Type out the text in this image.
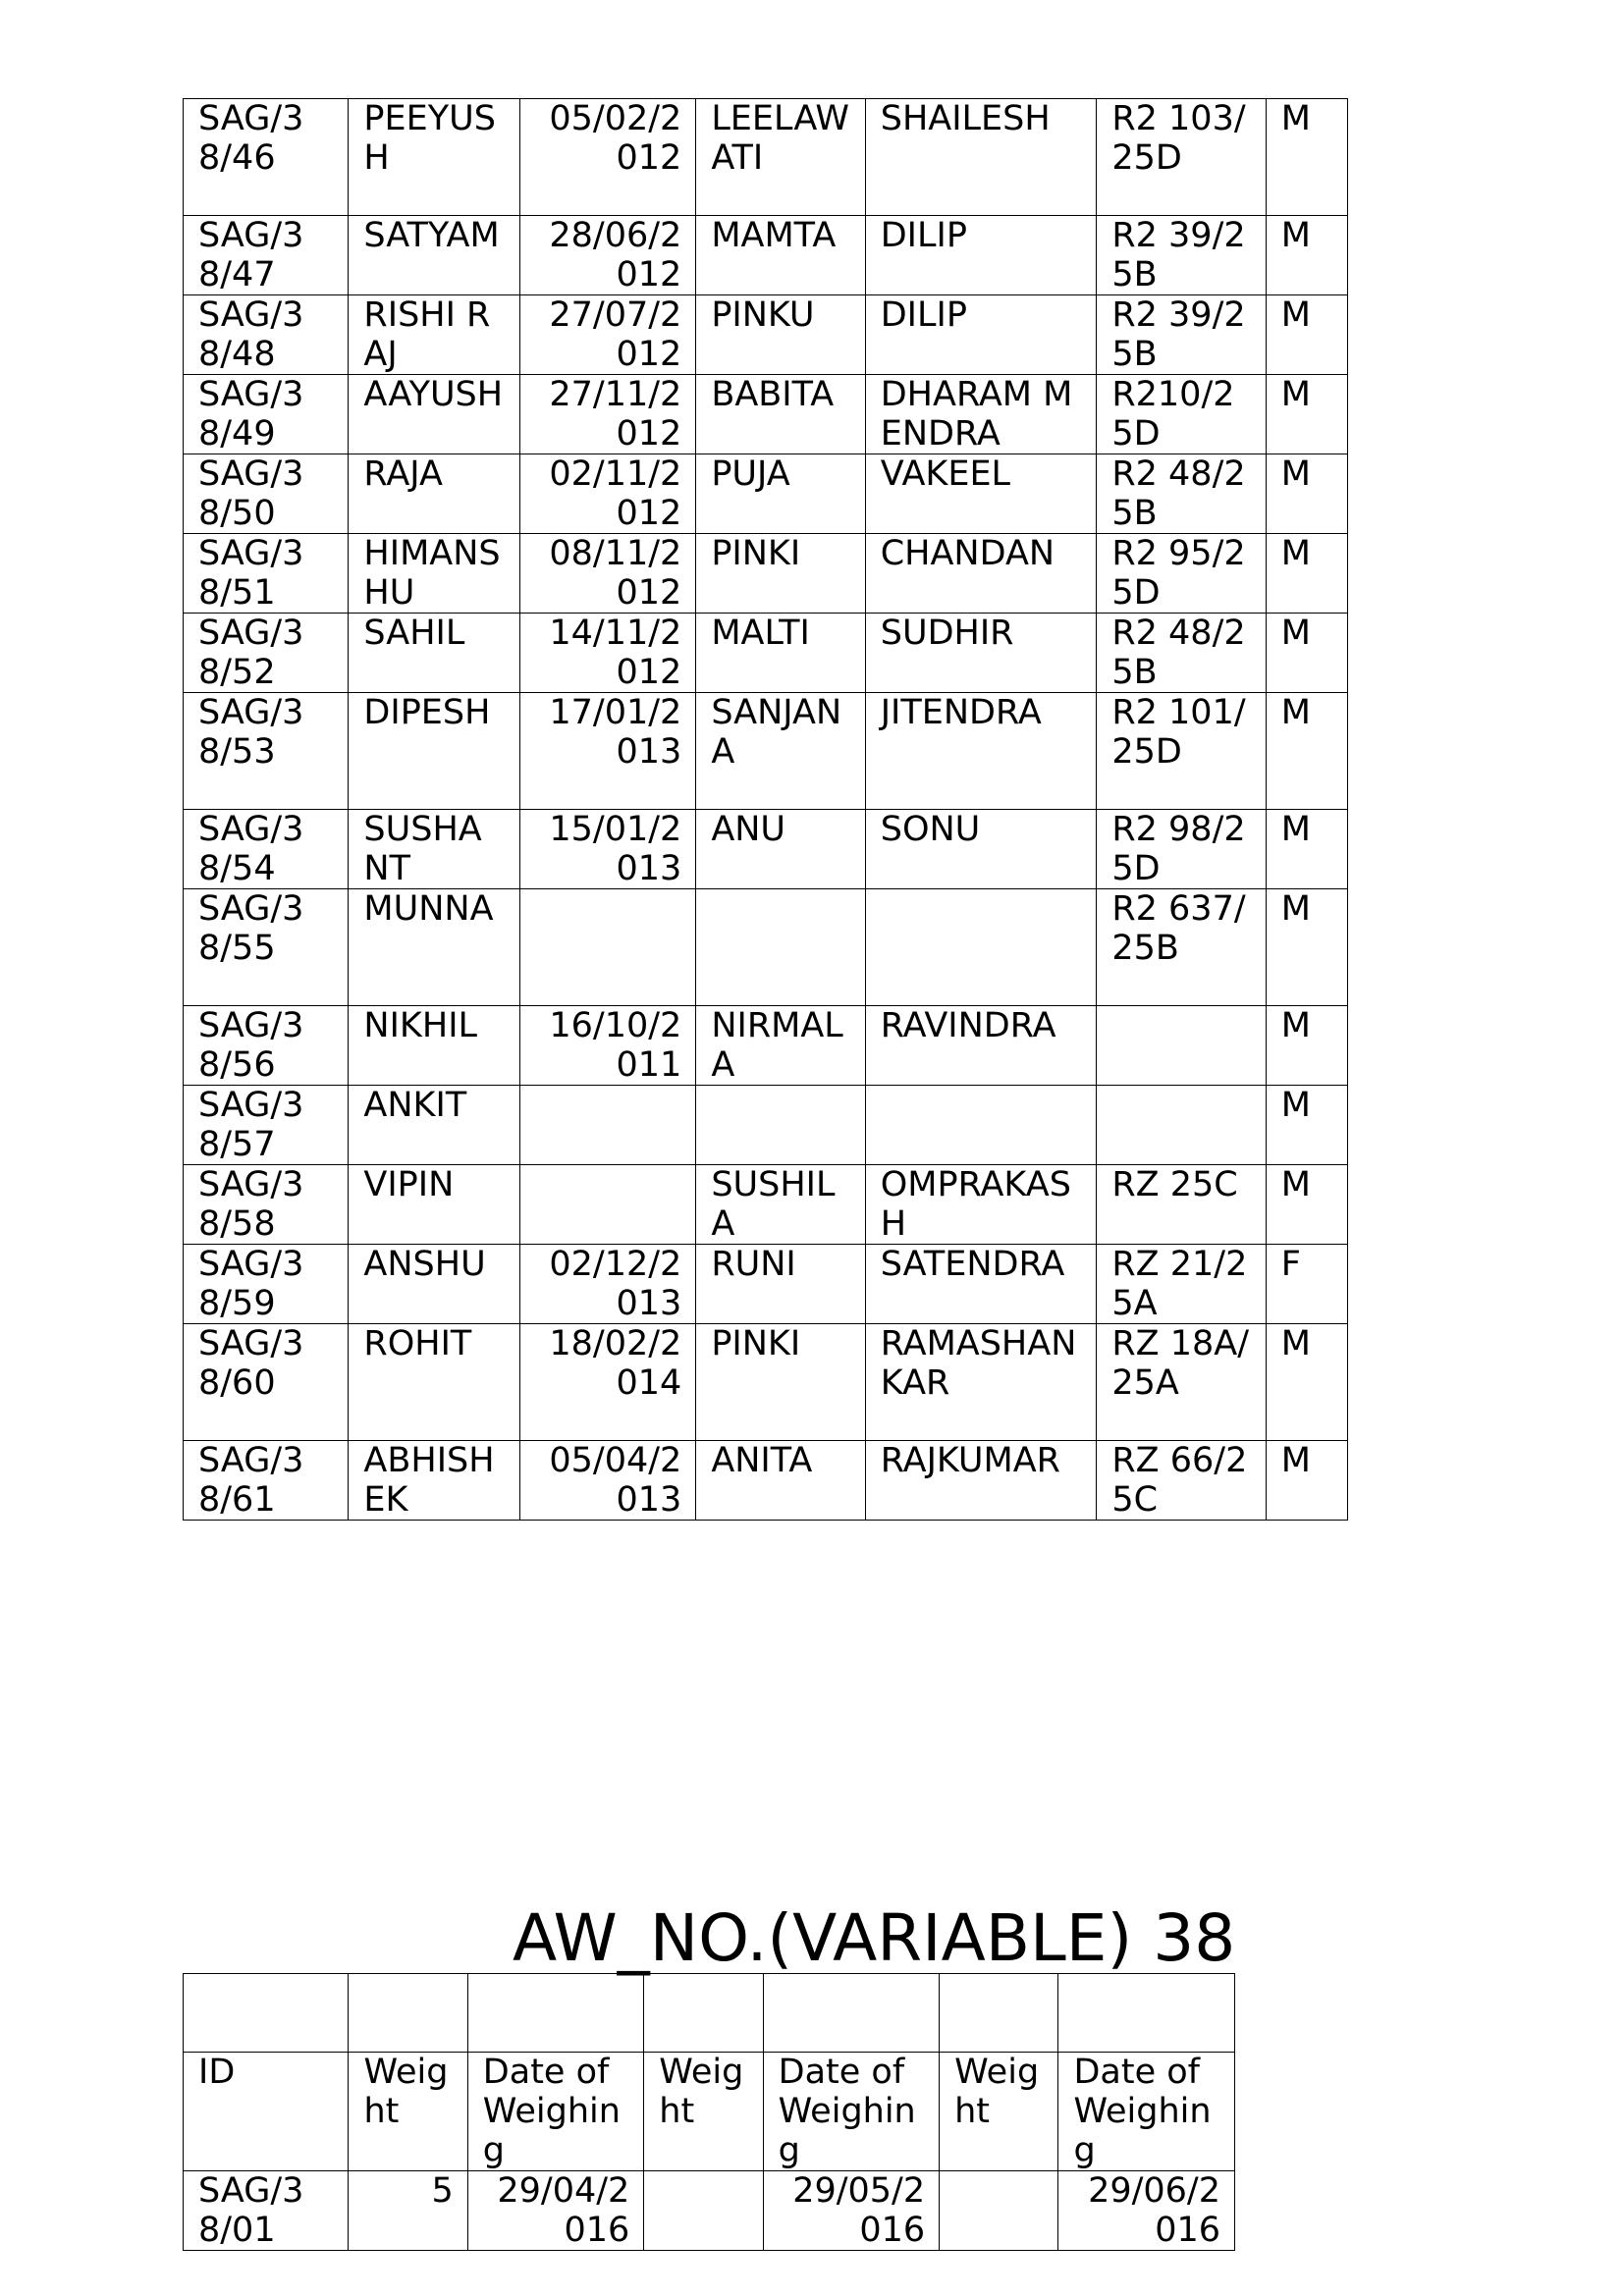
SAG/38/46	PEEYUSH	05/02/2012	LEELAWATI	SHAILESH	R2 103/25D	M
SAG/38/47	SATYAM	28/06/2012	MAMTA	DILIP	R2 39/25B	M
SAG/38/48	RISHI RAJ	27/07/2012	PINKU	DILIP	R2 39/25B	M
SAG/38/49	AAYUSH	27/11/2012	BABITA	DHARAM MENDRA	R210/25D	M
SAG/38/50	RAJA	02/11/2012	PUJA	VAKEEL	R2 48/25B	M
SAG/38/51	HIMANSHU	08/11/2012	PINKI	CHANDAN	R2 95/25D	M
SAG/38/52	SAHIL	14/11/2012	MALTI	SUDHIR	R2 48/25B	M
SAG/38/53	DIPESH	17/01/2013	SANJANA	JITENDRA	R2 101/25D	M
SAG/38/54	SUSHANT	15/01/2013	ANU	SONU	R2 98/25D	M
SAG/38/55	MUNNA				R2 637/25B	M
SAG/38/56	NIKHIL	16/10/2011	NIRMALA	RAVINDRA		M
SAG/38/57	ANKIT					M
SAG/38/58	VIPIN		SUSHILA	OMPRAKASH	RZ 25C	M
SAG/38/59	ANSHU	02/12/2013	RUNI	SATENDRA	RZ 21/25A	F
SAG/38/60	ROHIT	18/02/2014	PINKI	RAMASHANKAR	RZ 18A/25A	M
SAG/38/61	ABHISHEK	05/04/2013	ANITA	RAJKUMAR	RZ 66/25C	M
AW_NO.(VARIABLE) 38

ID	Weight	Date of Weighing	Weight	Date of Weighing	Weight	Date of Weighing
SAG/38/01	5	29/04/2016		29/05/2016		29/06/2016
